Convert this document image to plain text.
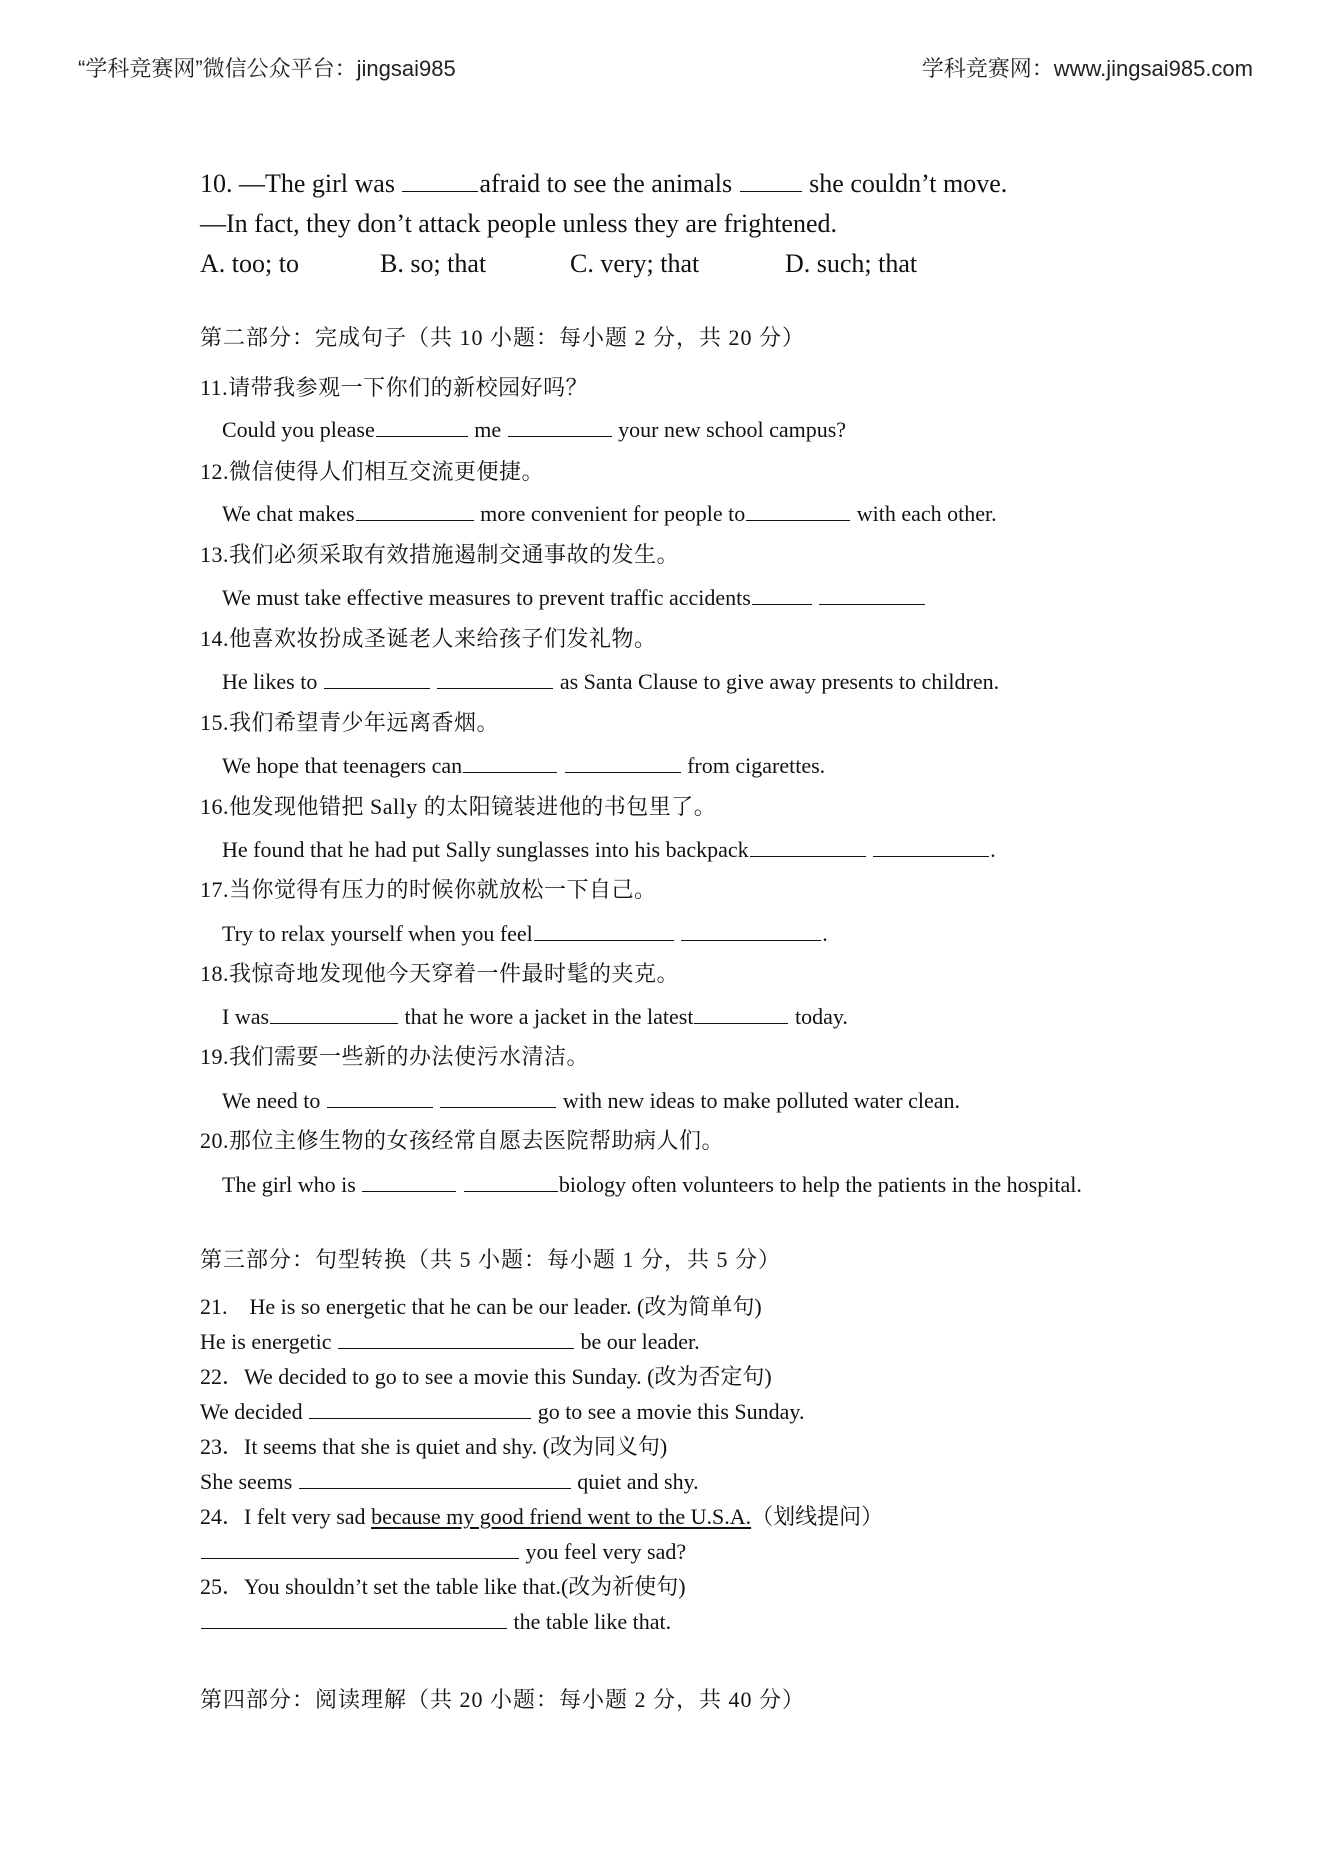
“学科竞赛网”微信公众平台：jingsai985	学科竞赛网：www.jingsai985.com
10. —The girl was	afraid to see the animals  she couldn’t move.
—In fact, they don’t attack people unless they are frightened.
A. too; to	B. so; that	C. very; that	D. such; that
第二部分：完成句子（共 10 小题：每小题 2 分，共 20 分）
11.请带我参观一下你们的新校园好吗？
Could you please	me	your new school campus?
12.微信使得人们相互交流更便捷。
We chat makes	more convenient for people to	with each other.
13.我们必须采取有效措施遏制交通事故的发生。
We must take effective measures to prevent traffic accidents
14.他喜欢妆扮成圣诞老人来给孩子们发礼物。
He likes to	as Santa Clause to give away presents to children.
15.我们希望青少年远离香烟。
We hope that teenagers can	from cigarettes.
16.他发现他错把 Sally 的太阳镜装进他的书包里了。
He found that he had put Sally sunglasses into his backpack	.
17.当你觉得有压力的时候你就放松一下自己。
Try to relax yourself when you feel	.
18.我惊奇地发现他今天穿着一件最时髦的夹克。
I was	that he wore a jacket in the latest	today.
19.我们需要一些新的办法使污水清洁。
We need to	with new ideas to make polluted water clean.
20.那位主修生物的女孩经常自愿去医院帮助病人们。
The girl who is	biology often volunteers to help the patients in the hospital.
第三部分：句型转换（共 5 小题：每小题 1 分，共 5 分）
21.　He is so energetic that he can be our leader. (改为简单句)
He is energetic	be our leader.
22．We decided to go to see a movie this Sunday. (改为否定句)
We decided	go to see a movie this Sunday.
23．It seems that she is quiet and shy. (改为同义句)
She seems	quiet and shy.
24．I felt very sad because my good friend went to the U.S.A.（划线提问）
you feel very sad?
25．You shouldn’t set the table like that.(改为祈使句)
the table like that.
第四部分：阅读理解（共 20 小题：每小题 2 分，共 40 分）
